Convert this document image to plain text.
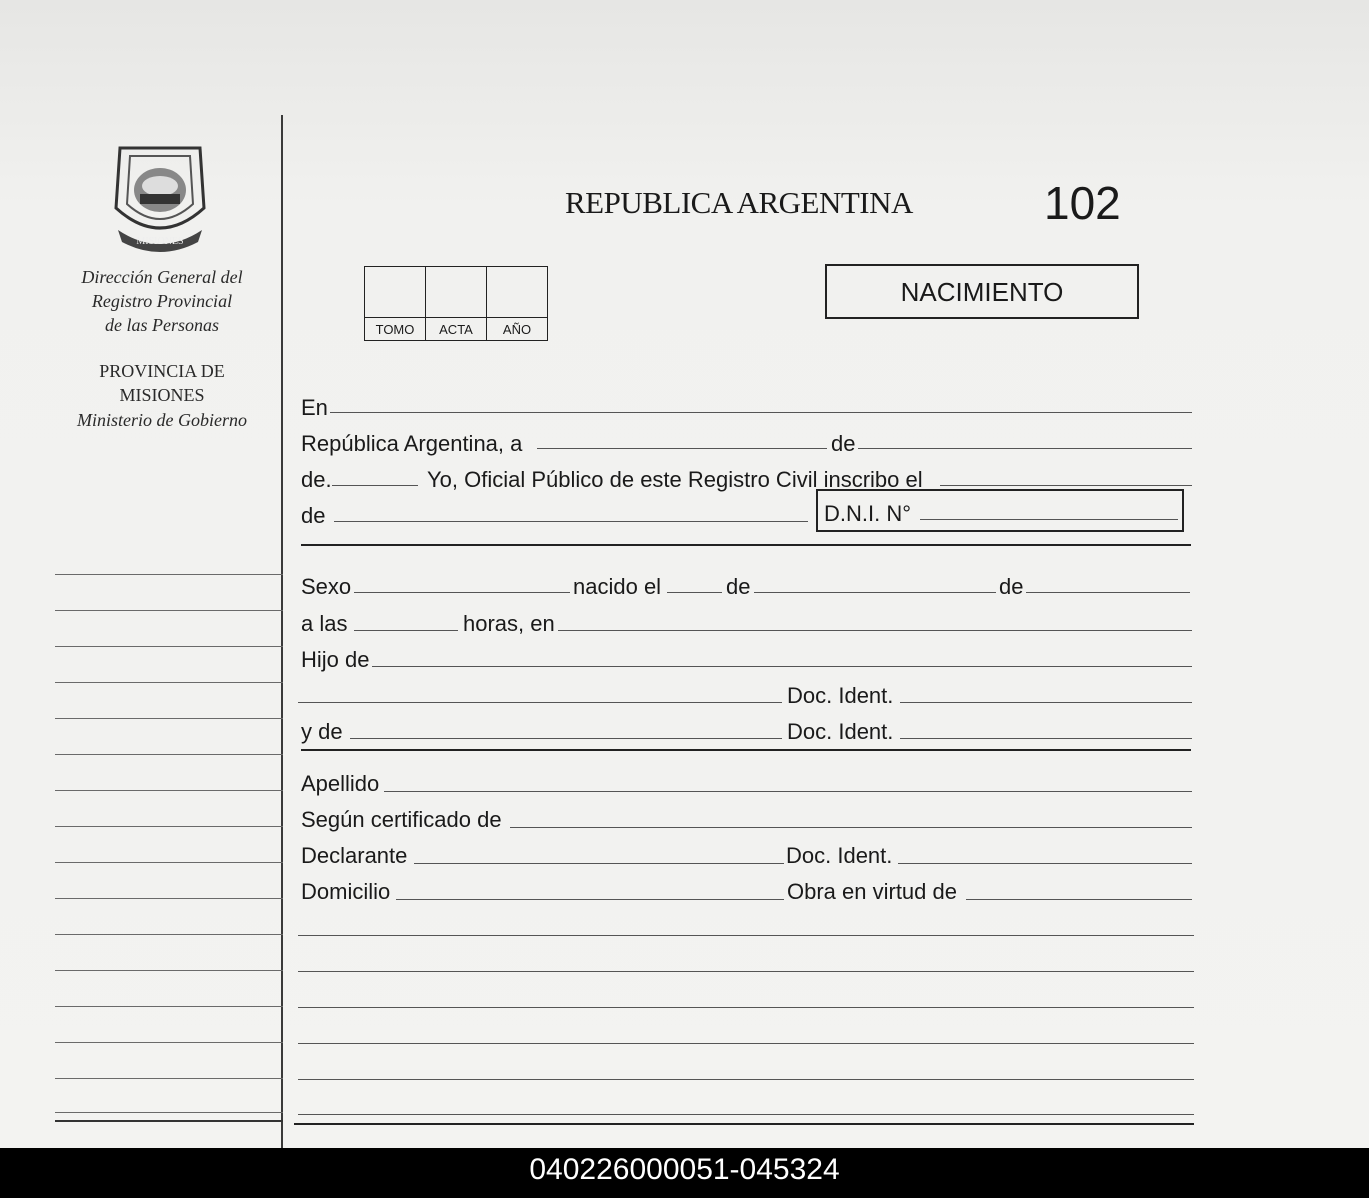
MISIONES
Dirección General del
Registro Provincial
de las Personas
PROVINCIA DE
MISIONES
Ministerio de Gobierno
REPUBLICA ARGENTINA	102
NACIMIENTO

TOMO	ACTA	AÑO
En
República Argentina, a	de
de.	Yo, Oficial Público de este Registro Civil inscribo el
de	D.N.I. N°
Sexo	nacido el	de	de
a las	horas, en
Hijo de
Doc. Ident.
y de	Doc. Ident.
Apellido
Según certificado de
Declarante	Doc. Ident.
Domicilio	Obra en virtud de
040226000051-045324
